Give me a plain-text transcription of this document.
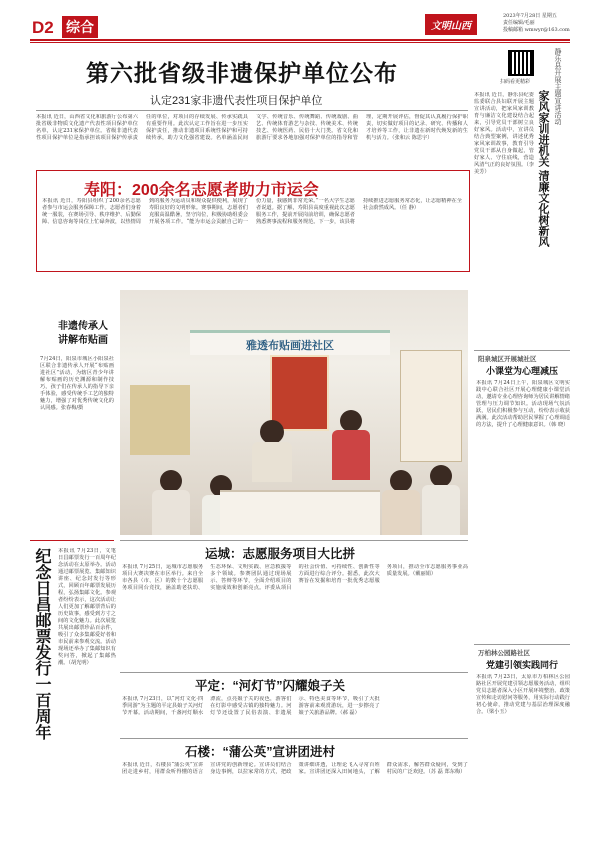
D2 综合	文明山西
2023年7月28日 星期五
责任编辑/毛丽
投稿邮箱 wmwyr@163.com
第六批省级非遗保护单位公布
认定231家非遗代表性项目保护单位
本报讯 近日，山西省文化和旅游厅公布第六批省级非物质文化遗产代表性项目保护单位名单，认定231家保护单位。省级非遗代表性项目保护单位是指承担该项目保护传承责任的单位，对项目的存续发展、传承实践具有重要作用。此次认定工作旨在进一步压实保护责任，推动非遗项目系统性保护和可持续传承，助力文化强省建设。名单涵盖民间文学、传统音乐、传统舞蹈、传统戏剧、曲艺、传统体育游艺与杂技、传统美术、传统技艺、传统医药、民俗十大门类。省文化和旅游厅要求各地加强对保护单位的指导和管理，定期开展评估，督促其认真履行保护职责，切实做好项目的记录、研究、传播和人才培养等工作，让非遗在新时代焕发新的生机与活力。（张和云 陈思宇）
寿阳：200余名志愿者助力市运会
本报讯 近日，寿阳县组织了200余名志愿者参与市运会服务保障工作。志愿者们身着统一服装，在赛场引导、秩序维护、后勤保障、信息咨询等岗位上忙碌奔波，以热情周到的服务为运动员和观众提供便利，展现了寿阳良好的文明形象。赛事期间，志愿者们克服高温酷暑，坚守岗位，积极协助组委会开展各项工作。“能为市运会贡献自己的一份力量，我感到非常光荣。”一名大学生志愿者说道。据了解，寿阳县高度重视此次志愿服务工作，提前开展岗前培训，确保志愿者熟悉赛事流程和服务规范。下一步，该县将持续推进志愿服务常态化，让志愿精神在全社会蔚然成风。（任 静）
非遗传承人
讲解布贴画
7月24日，阳泉市城区小阳泉社区联合非遗传承人开展“布贴画进社区”活动，为辖区青少年讲解布贴画的历史渊源和制作技巧，孩子们在传承人的指导下亲手体验，感受传统手工艺的独特魅力，增强了对优秀传统文化的认同感。张春梅/摄
雅透布贴画进社区
纪念日昌邮票发行一百周年 本报讯 7月23日，文笔日昌邮票发行一百周年纪念活动在太原举办。活动通过邮票展览、集邮知识讲座、纪念封发行等形式，回顾百年邮票发展历程，弘扬集邮文化。参观者纷纷表示，这次活动让人们更加了解邮票背后的历史故事，感受到方寸之间的文化魅力。此次展览共展出邮票珍品百余件，吸引了众多集邮爱好者和市民前来参观交流。活动现场还举办了集邮知识有奖问答，掀起了集邮热潮。（胡光明）
运城：志愿服务项目大比拼
本报讯 7月25日，运城市志愿服务项目大赛决赛在市区举行。来自全市各县（市、区）的数十个志愿服务项目同台竞技，涵盖助老扶幼、生态环保、文明实践、应急救援等多个领域。参赛团队通过现场展示、答辩等环节，全面介绍项目的实施成效和创新亮点。评委从项目的社会价值、可持续性、创新性等方面进行综合评分。据悉，此次大赛旨在发掘和培育一批优秀志愿服务项目，推动全市志愿服务事业高质量发展。（戴丽娟）
平定：“河灯节”闪耀娘子关
本报讯 7月23日，以“河灯文化·四季同游”为主题的平定县娘子关河灯节开幕。活动期间，千盏河灯顺水漂流，点亮娘子关的夜色，游客们在灯影中感受古镇的独特魅力。河灯节还设置了民俗表演、非遗展示、特色美食等环节，吸引了大批游客前来观赏游玩，进一步擦亮了娘子关旅游品牌。（郝 磊）
石楼：“蒲公英”宣讲团进村
本报讯 近日，石楼县“蒲公英”宣讲团走进乡村，用群众听得懂的语言宣讲党的创新理论。宣讲员们结合身边事例，以拉家常的方式，把政策讲细讲透，让理论飞入寻常百姓家。宣讲团还深入田间地头，了解群众需求，解答群众疑问，受到了村民的广泛欢迎。（苏 磊 郑东梅）
扫码看更精彩	静乐县开展主题宣讲活动
家风家训进机关 清廉文化树新风
本报讯 近日，静乐县纪委监委联合县妇联开展主题宣讲活动，把家风家训教育与廉洁文化建设结合起来，引导党员干部树立良好家风。活动中，宣讲员结合典型案例，讲述优秀家风家训故事，教育引导党员干部从自身做起，管好家人、守住底线，营造风清气正的良好氛围。（李美芳）
阳泉城区开展城社区
小课堂为心理减压
本报讯 7月24日上午，阳泉城区文明实践中心联合社区开展心理健康小课堂活动，邀请专业心理咨询师为居民讲解情绪管理与压力调节知识。活动现场气氛活跃，居民们积极参与互动，纷纷表示收获满满。此次活动帮助居民掌握了心理调适的方法，提升了心理健康意识。（韩 晓）
万柏林公园路社区
党建引领实践同行
本报讯 7月23日，太原市万柏林区公园路社区开展党建引领志愿服务活动，组织党员志愿者深入小区开展环境整治、政策宣传和走访慰问等服务，用实际行动践行初心使命，推动党建与基层治理深度融合。（梁小玉）
